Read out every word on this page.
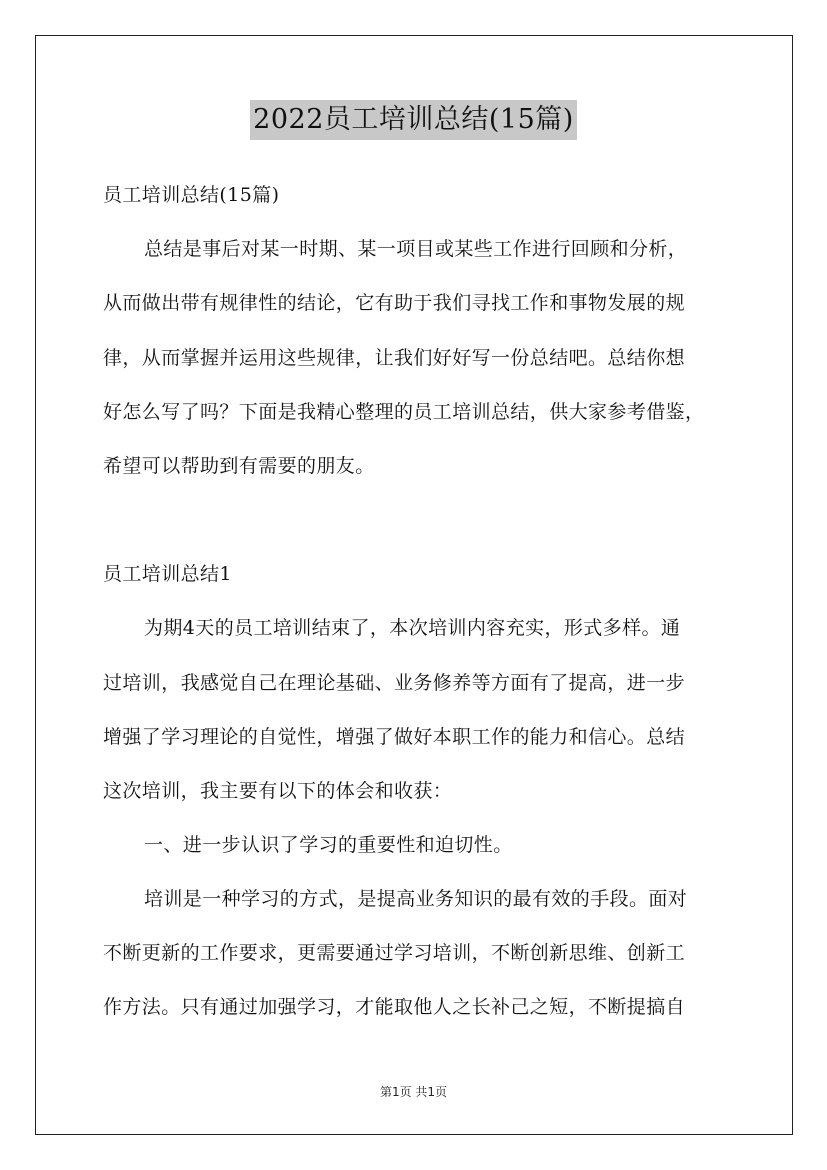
2022员工培训总结(15篇)
员工培训总结(15篇)
总结是事后对某一时期、某一项目或某些工作进行回顾和分析，
从而做出带有规律性的结论，它有助于我们寻找工作和事物发展的规
律，从而掌握并运用这些规律，让我们好好写一份总结吧。总结你想
好怎么写了吗？下面是我精心整理的员工培训总结，供大家参考借鉴，
希望可以帮助到有需要的朋友。
员工培训总结1
为期4天的员工培训结束了，本次培训内容充实，形式多样。通
过培训，我感觉自己在理论基础、业务修养等方面有了提高，进一步
增强了学习理论的自觉性，增强了做好本职工作的能力和信心。总结
这次培训，我主要有以下的体会和收获：
一、进一步认识了学习的重要性和迫切性。
培训是一种学习的方式，是提高业务知识的最有效的手段。面对
不断更新的工作要求，更需要通过学习培训，不断创新思维、创新工
作方法。只有通过加强学习，才能取他人之长补己之短，不断提搞自
第1页 共1页
